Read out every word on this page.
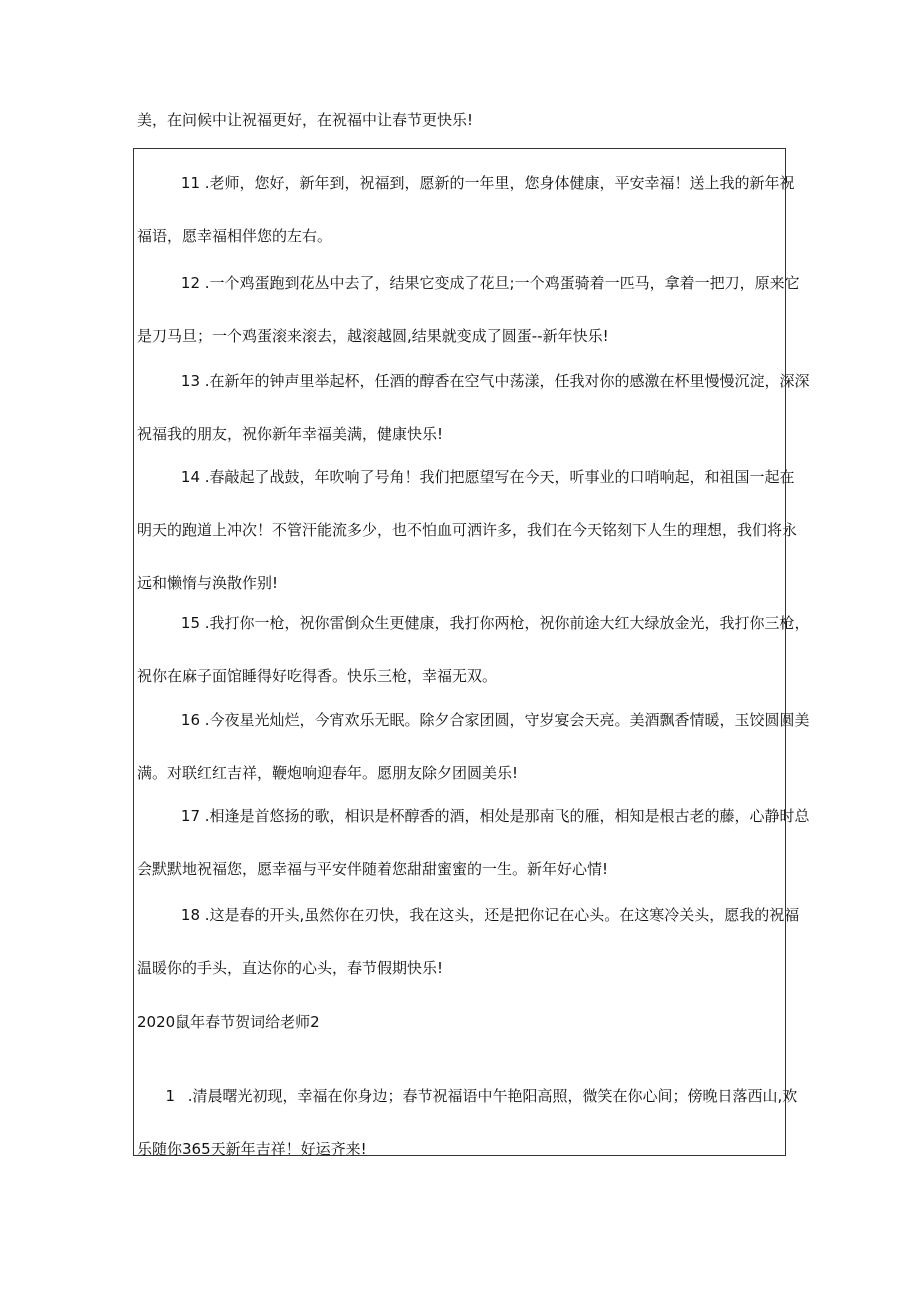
美，在问候中让祝福更好，在祝福中让春节更快乐!
11 .老师，您好，新年到，祝福到，愿新的一年里，您身体健康，平安幸福！送上我的新年祝
福语，愿幸福相伴您的左右。
12 .一个鸡蛋跑到花丛中去了，结果它变成了花旦;一个鸡蛋骑着一匹马，拿着一把刀，原来它
是刀马旦；一个鸡蛋滚来滚去，越滚越圆,结果就变成了圆蛋--新年快乐!
13 .在新年的钟声里举起杯，任酒的醇香在空气中荡漾，任我对你的感激在杯里慢慢沉淀，深深
祝福我的朋友，祝你新年幸福美满，健康快乐!
14 .春敲起了战鼓，年吹响了号角！我们把愿望写在今天，听事业的口哨响起，和祖国一起在
明天的跑道上冲次！不管汗能流多少，也不怕血可洒许多，我们在今天铭刻下人生的理想，我们将永
远和懒惰与涣散作别!
15 .我打你一枪，祝你雷倒众生更健康，我打你两枪，祝你前途大红大绿放金光，我打你三枪，
祝你在麻子面馆睡得好吃得香。快乐三枪，幸福无双。
16 .今夜星光灿烂，今宵欢乐无眠。除夕合家团圆，守岁宴会天亮。美酒飘香情暖，玉饺圆圆美
满。对联红红吉祥，鞭炮响迎春年。愿朋友除夕团圆美乐!
17 .相逢是首悠扬的歌，相识是杯醇香的酒，相处是那南飞的雁，相知是根古老的藤，心静时总
会默默地祝福您，愿幸福与平安伴随着您甜甜蜜蜜的一生。新年好心情!
18 .这是春的开头,虽然你在刃快，我在这头，还是把你记在心头。在这寒冷关头，愿我的祝福
温暖你的手头，直达你的心头，春节假期快乐!
2020鼠年春节贺词给老师2
1 .清晨曙光初现，幸福在你身边；春节祝福语中午艳阳高照，微笑在你心间；傍晚日落西山,欢
乐随你365天新年吉祥！好运齐来!
